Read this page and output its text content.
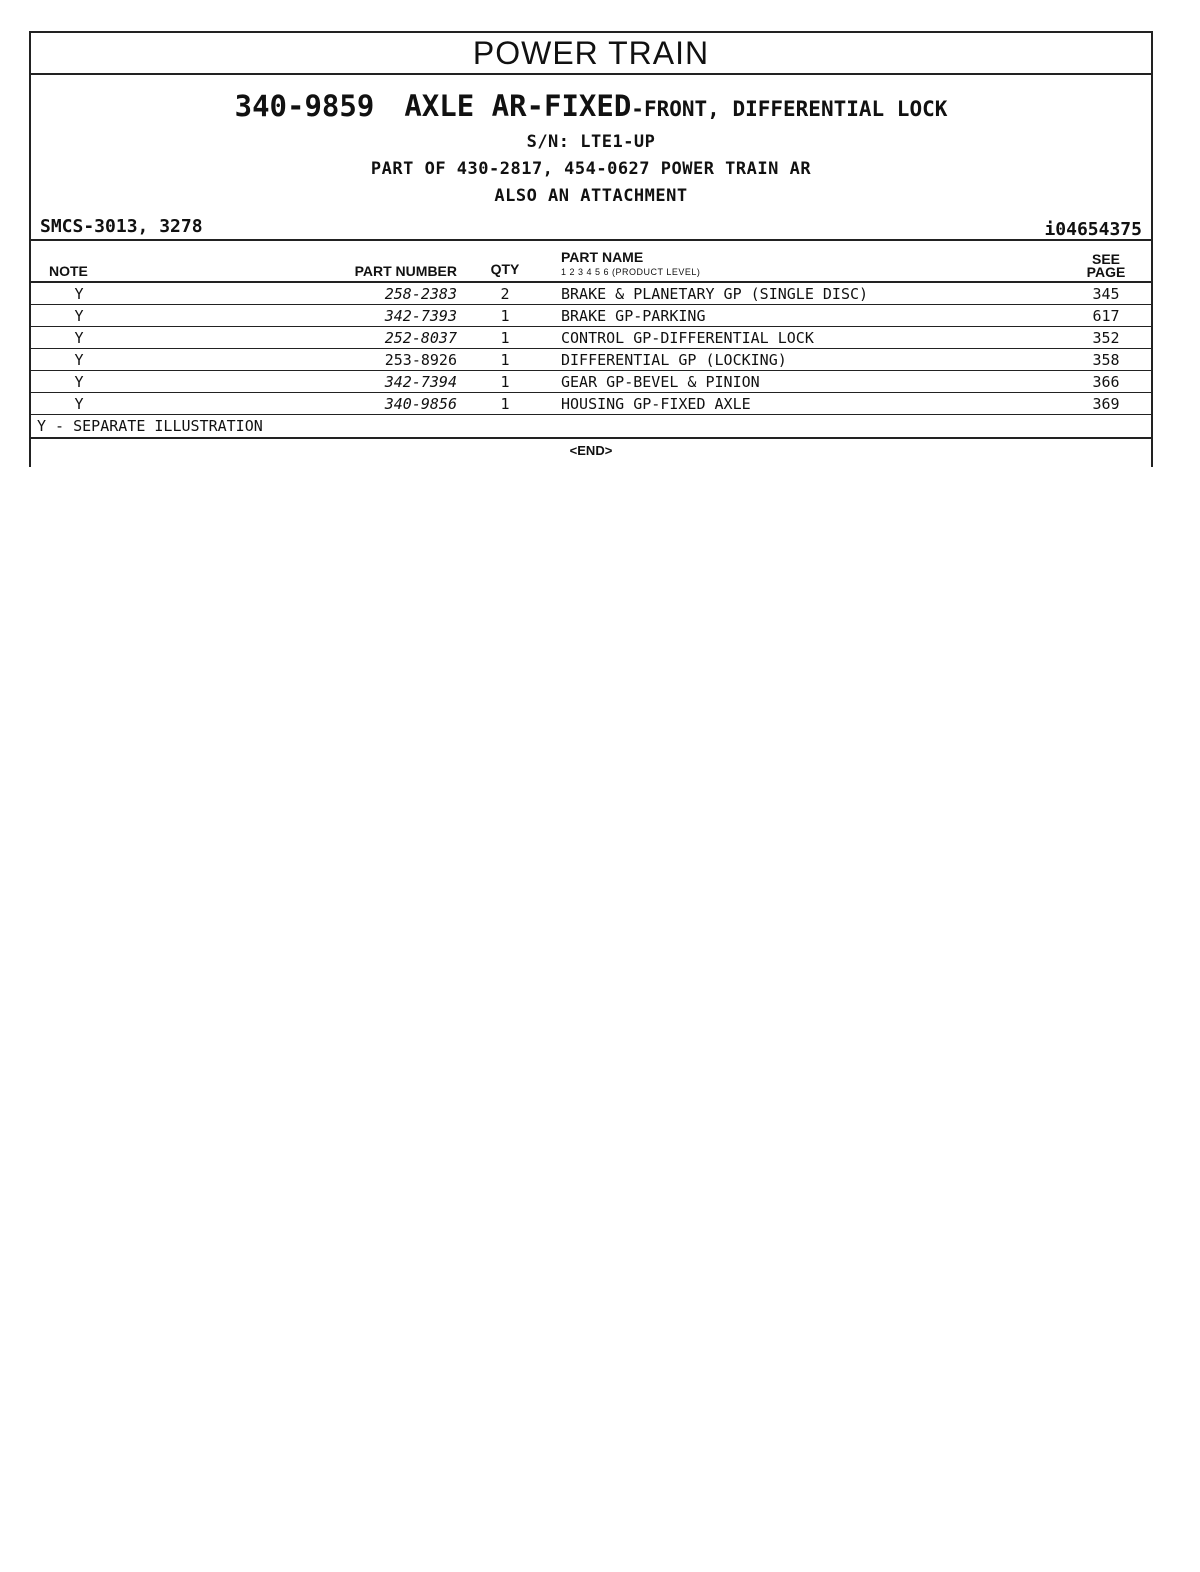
POWER TRAIN
340-9859 AXLE AR-FIXED-FRONT, DIFFERENTIAL LOCK
S/N: LTE1-UP
PART OF 430-2817, 454-0627 POWER TRAIN AR
ALSO AN ATTACHMENT
SMCS-3013, 3278	i04654375
NOTE	PART NUMBER	QTY	PART NAME
1 2 3 4 5 6 (PRODUCT LEVEL)	SEE
PAGE
Y	258-2383	2	BRAKE & PLANETARY GP (SINGLE DISC)	345
Y	342-7393	1	BRAKE GP-PARKING	617
Y	252-8037	1	CONTROL GP-DIFFERENTIAL LOCK	352
Y	253-8926	1	DIFFERENTIAL GP (LOCKING)	358
Y	342-7394	1	GEAR GP-BEVEL & PINION	366
Y	340-9856	1	HOUSING GP-FIXED AXLE	369
Y - SEPARATE ILLUSTRATION
<END>
